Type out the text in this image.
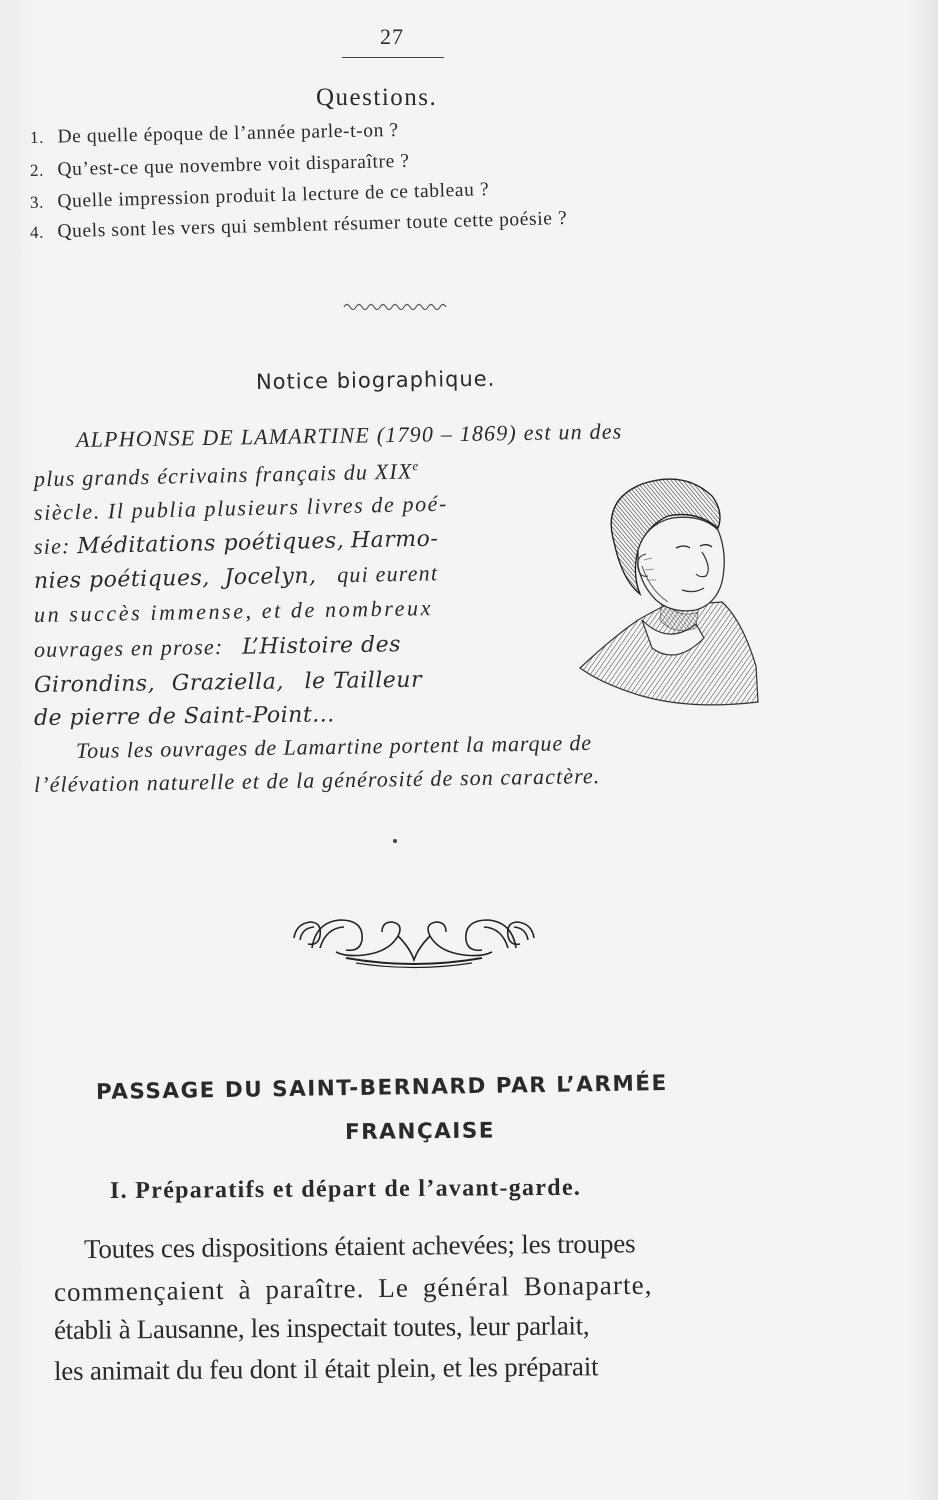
27
Questions.
1. De quelle époque de l’année parle-t-on ?
2. Qu’est-ce que novembre voit disparaître ?
3. Quelle impression produit la lecture de ce tableau ?
4. Quels sont les vers qui semblent résumer toute cette poésie ?
Notice biographique.
ALPHONSE DE LAMARTINE (1790 – 1869) est un des
plus grands écrivains français du XIXe
siècle. Il publia plusieurs livres de poé-
sie: Méditations poétiques, Harmo-
nies poétiques, Jocelyn, qui eurent
un succès immense, et de nombreux
ouvrages en prose: L’Histoire des
Girondins, Graziella, le Tailleur
de pierre de Saint-Point...
Tous les ouvrages de Lamartine portent la marque de
l’élévation naturelle et de la générosité de son caractère.
PASSAGE DU SAINT-BERNARD PAR L’ARMÉE
FRANÇAISE
I. Préparatifs et départ de l’avant-garde.
Toutes ces dispositions étaient achevées; les troupes
commençaient à paraître. Le général Bonaparte,
établi à Lausanne, les inspectait toutes, leur parlait,
les animait du feu dont il était plein, et les préparait
